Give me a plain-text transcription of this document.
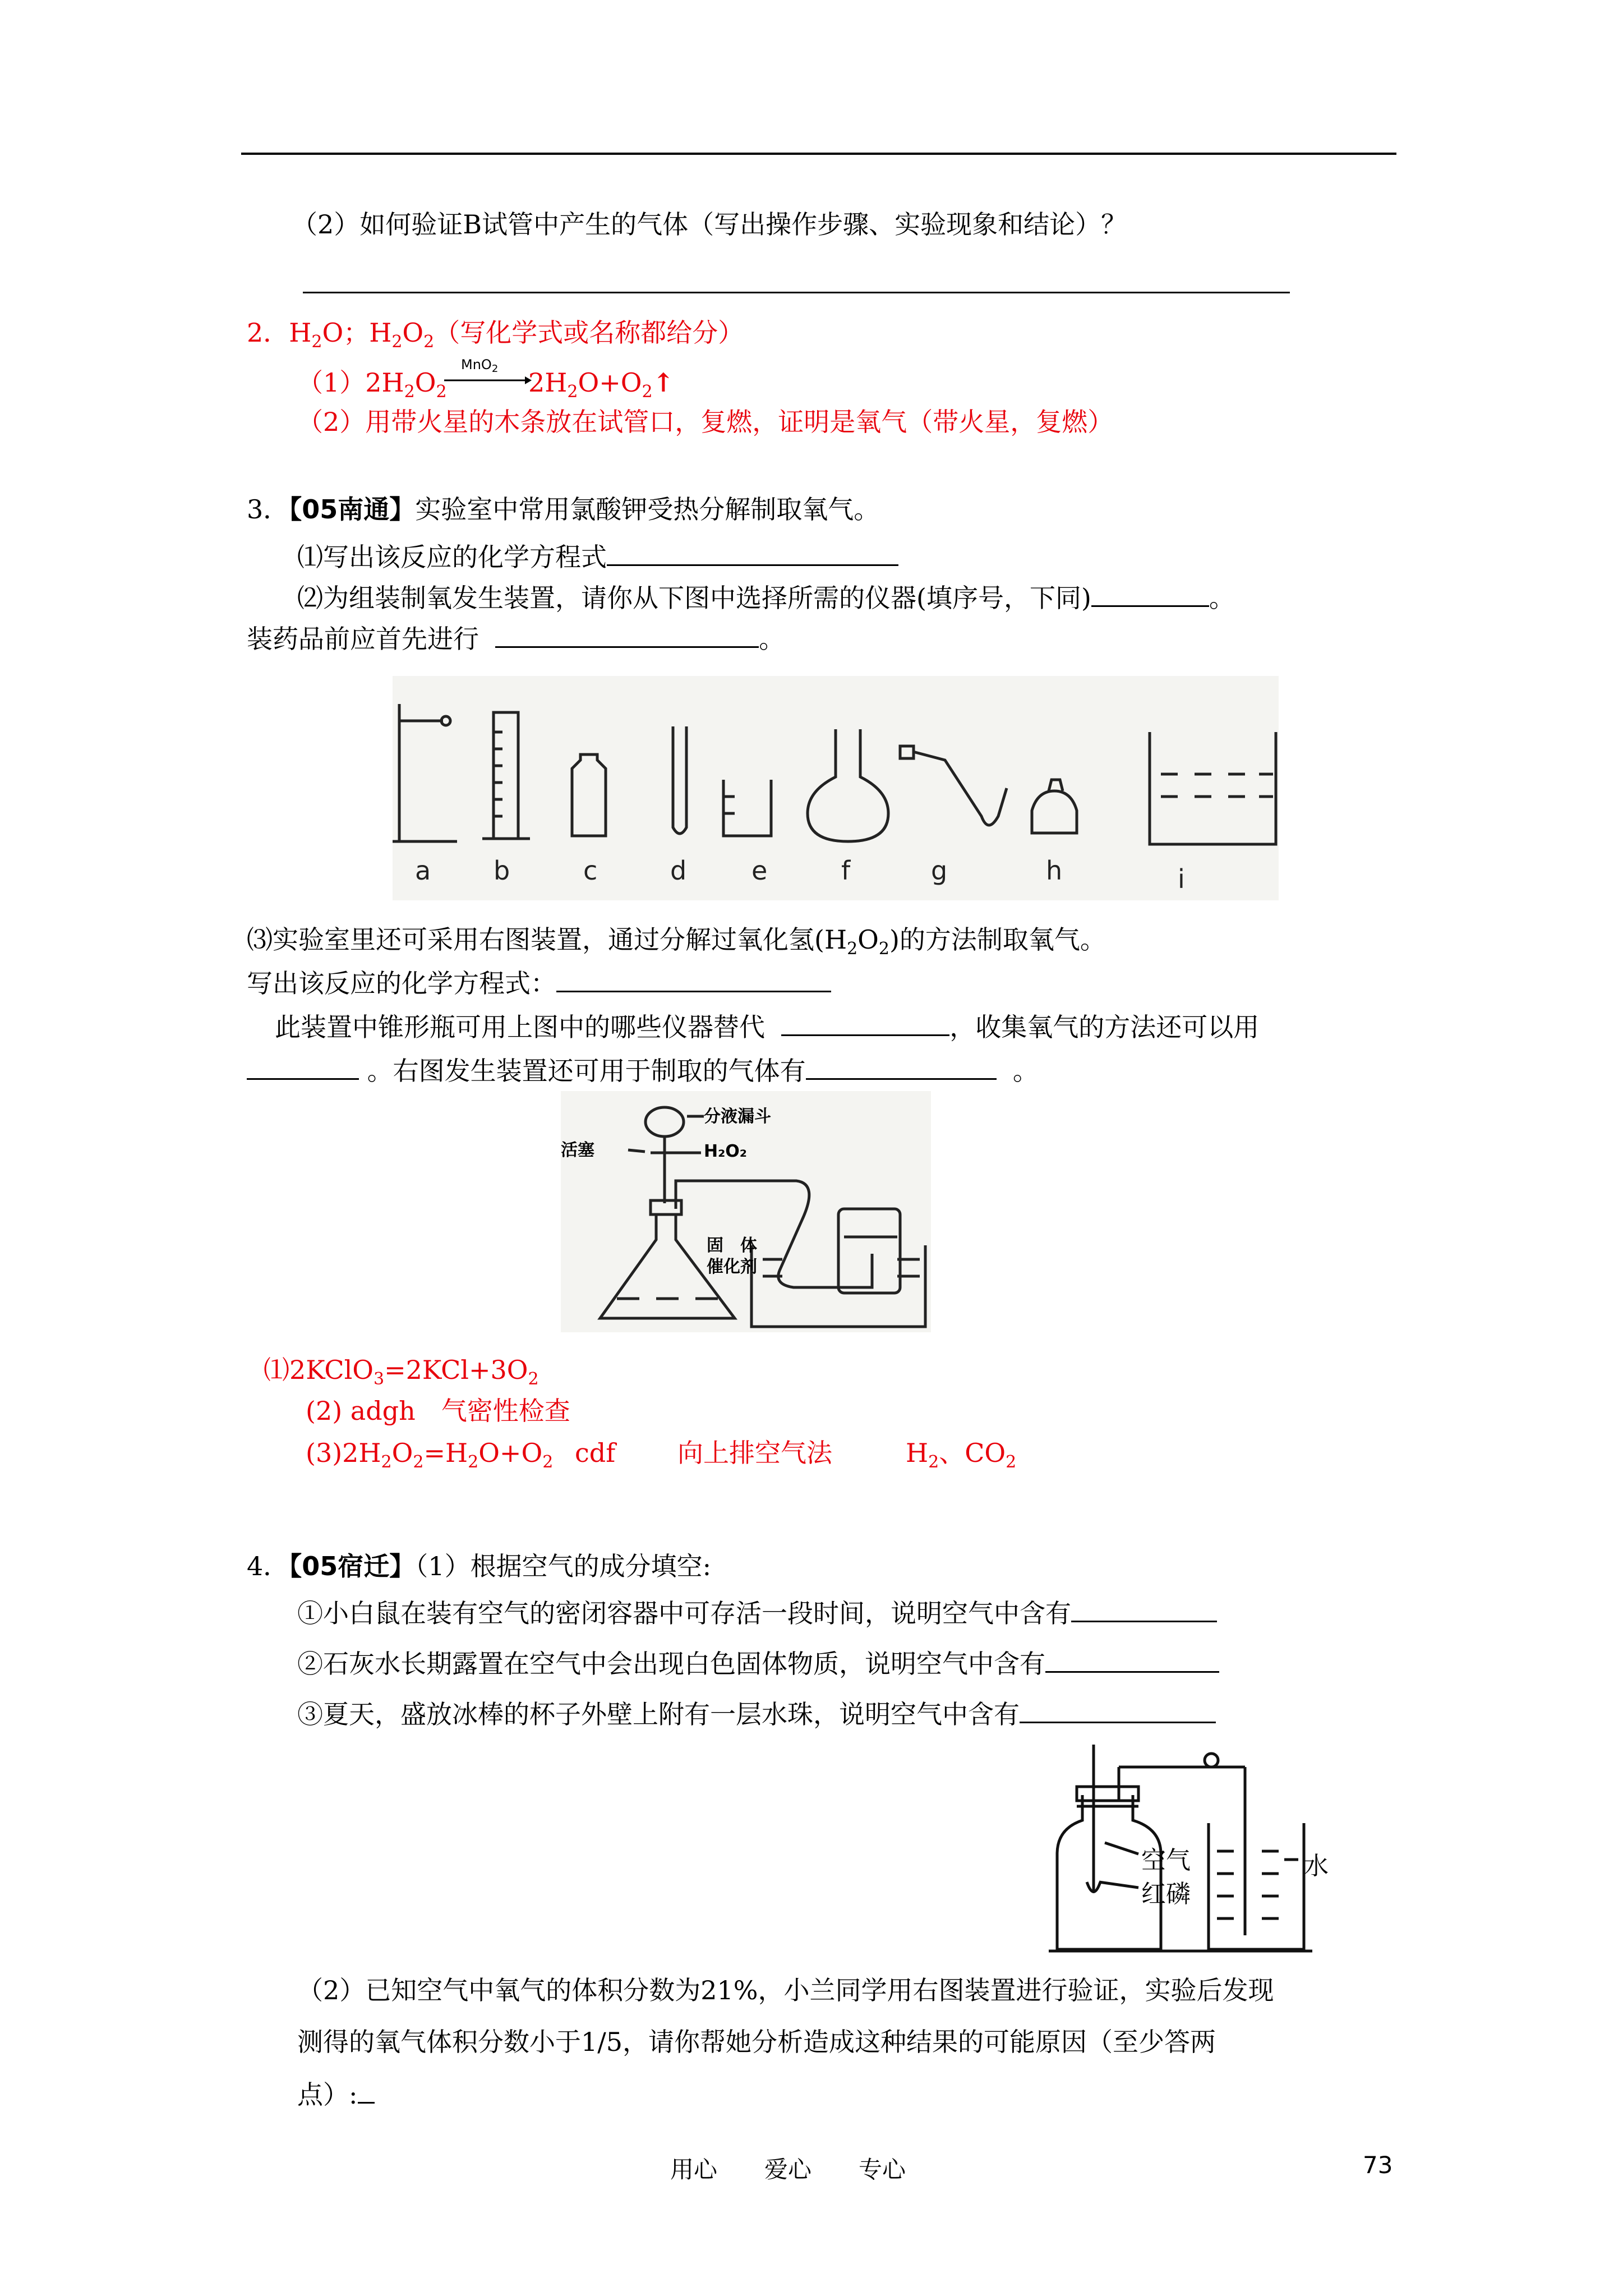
（2）如何验证B试管中产生的气体（写出操作步骤、实验现象和结论）？
2．$H_2O$；$H_2O_2$（写化学式或名称都给分）
$(1)2H_2O_2$
MnO$_2$ $2H_2O+O_2↑$
（2）用带火星的木条放在试管口，复燃，证明是氧气（带火星，复燃）
3．【05南通】实验室中常用氯酸钾受热分解制取氧气。
⑴写出该反应的化学方程式
⑵为组装制氧发生装置，请你从下图中选择所需的仪器(填序号，下同)	。
装药品前应首先进行	。
a b	c	d	e	f	g	h	i
⑶实验室里还可采用右图装置，通过分解过氧化氢$(H_2O_2)$的方法制取氧气。
写出该反应的化学方程式：
此装置中锥形瓶可用上图中的哪些仪器替代	，收集氧气的方法还可以用
。右图发生装置还可用于制取的气体有	。
分液漏斗
活塞	H₂O₂
固　体
催化剂
$⑴2KClO_3=2KCl+3O_2$
(2) adgh　气密性检查
$(3)2H_2O_2=H_2O+O_2$ cdf 向上排空气法	$H_2$、$CO_2$
4．【05宿迁】（1）根据空气的成分填空:
①小白鼠在装有空气的密闭容器中可存活一段时间，说明空气中含有
②石灰水长期露置在空气中会出现白色固体物质，说明空气中含有
③夏天，盛放冰棒的杯子外壁上附有一层水珠，说明空气中含有
空气
红磷
水
（2）已知空气中氧气的体积分数为21%，小兰同学用右图装置进行验证，实验后发现
测得的氧气体积分数小于1/5，请你帮她分析造成这种结果的可能原因（至少答两
点）:
用心　　爱心　　专心	73
